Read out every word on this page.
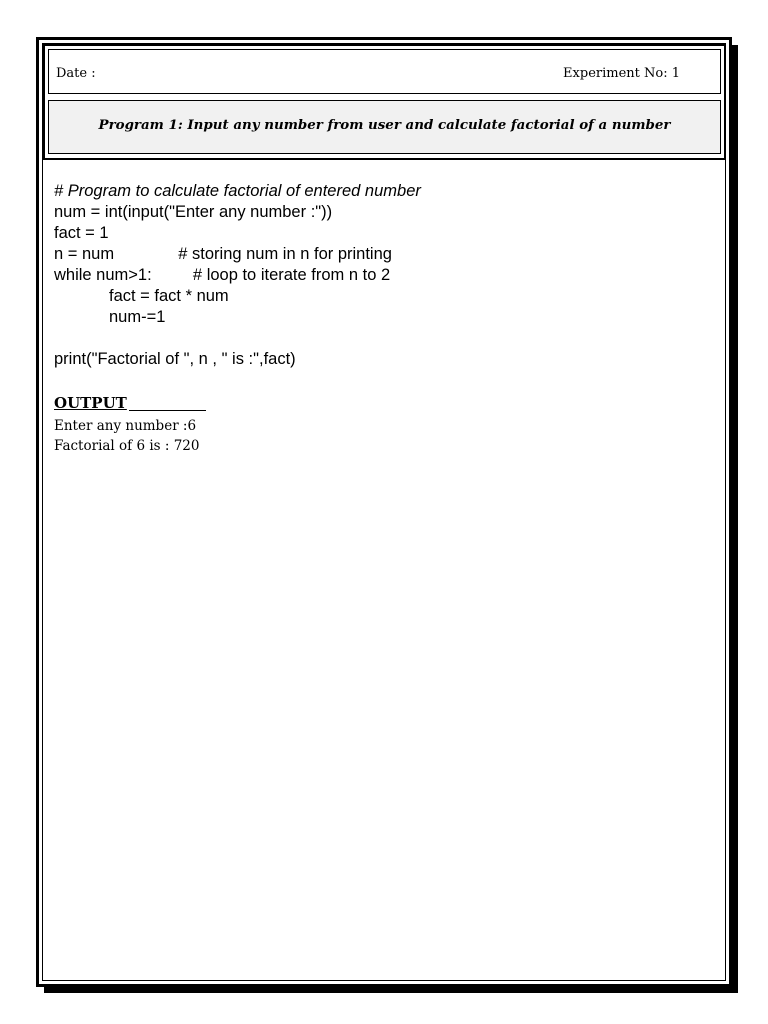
Date :	Experiment No: 1
Program 1: Input any number from user and calculate factorial of a number
# Program to calculate factorial of entered number
num = int(input("Enter any number :"))
fact = 1
n = num              # storing num in n for printing
while num>1:         # loop to iterate from n to 2
fact = fact * num
num-=1

print("Factorial of ", n , " is :",fact)
OUTPUT
Enter any number :6
Factorial of 6 is : 720
